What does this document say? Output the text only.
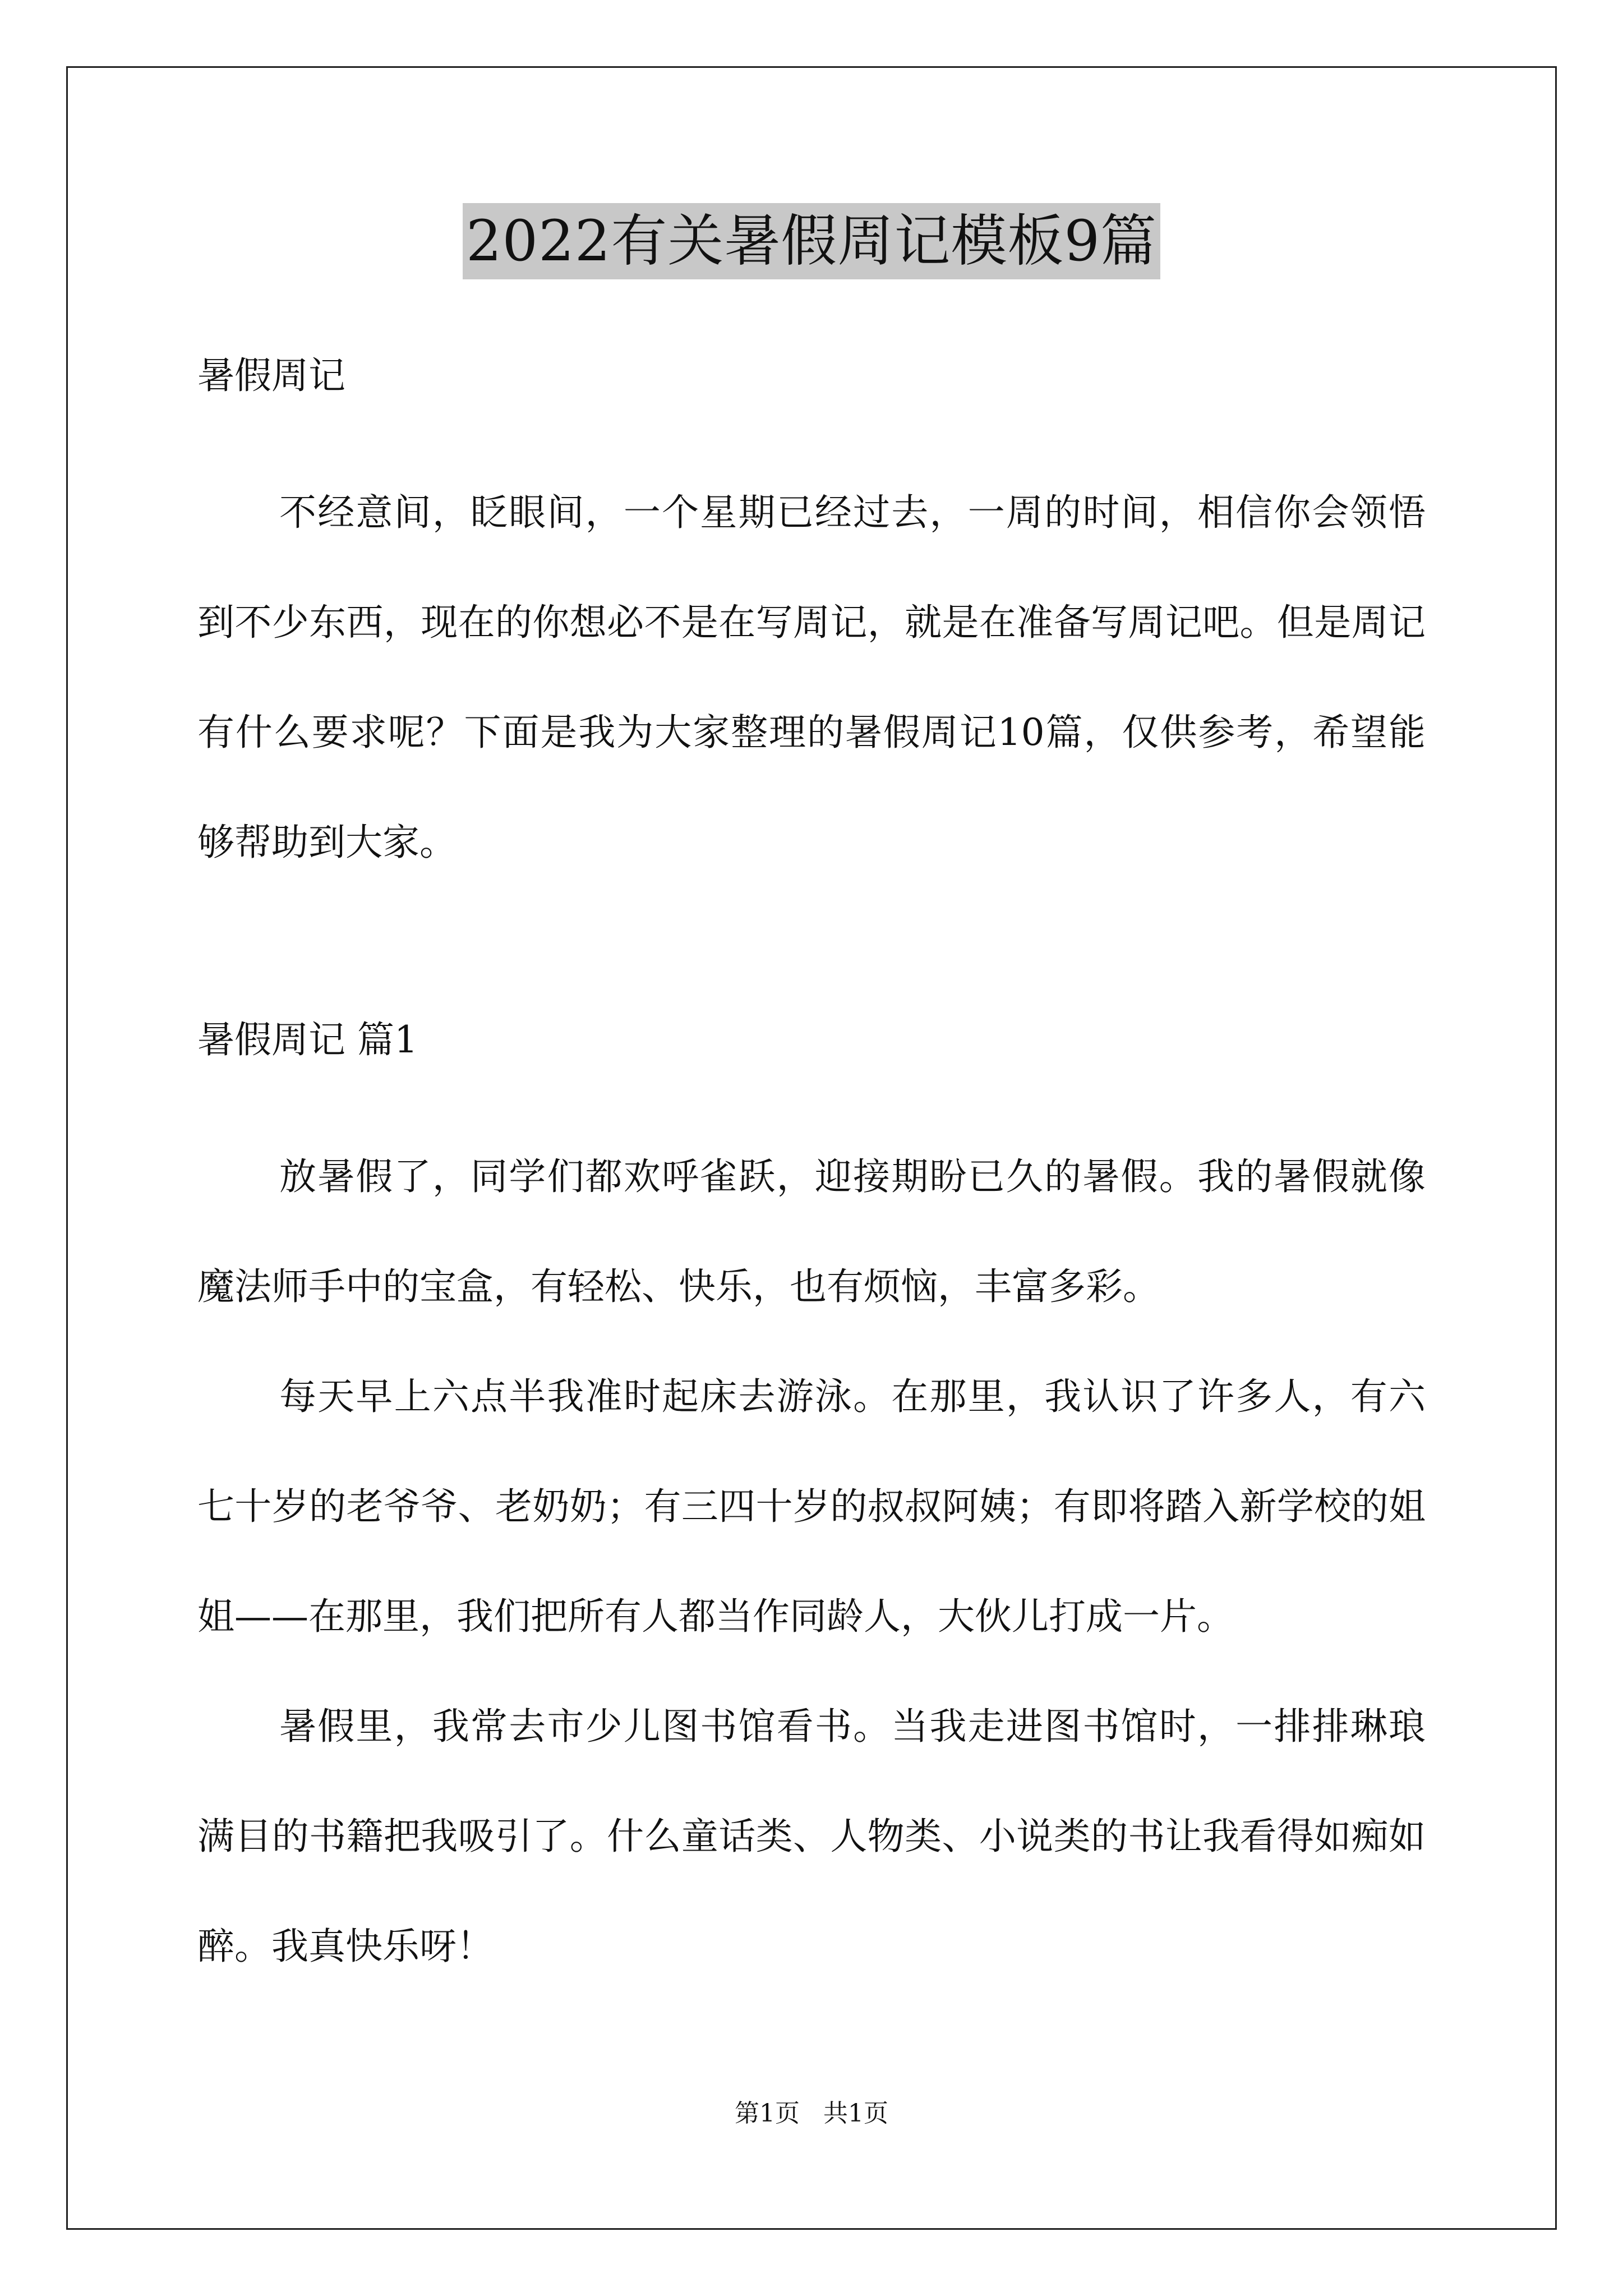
2022有关暑假周记模板9篇

暑假周记

不经意间，眨眼间，一个星期已经过去，一周的时间，相信你会领悟到不少东西，现在的你想必不是在写周记，就是在准备写周记吧。但是周记有什么要求呢？下面是我为大家整理的暑假周记10篇，仅供参考，希望能够帮助到大家。

暑假周记 篇1

放暑假了，同学们都欢呼雀跃，迎接期盼已久的暑假。我的暑假就像魔法师手中的宝盒，有轻松、快乐，也有烦恼，丰富多彩。

每天早上六点半我准时起床去游泳。在那里，我认识了许多人，有六七十岁的老爷爷、老奶奶；有三四十岁的叔叔阿姨；有即将踏入新学校的姐姐——在那里，我们把所有人都当作同龄人，大伙儿打成一片。

暑假里，我常去市少儿图书馆看书。当我走进图书馆时，一排排琳琅满目的书籍把我吸引了。什么童话类、人物类、小说类的书让我看得如痴如醉。我真快乐呀！

第1页   共1页
